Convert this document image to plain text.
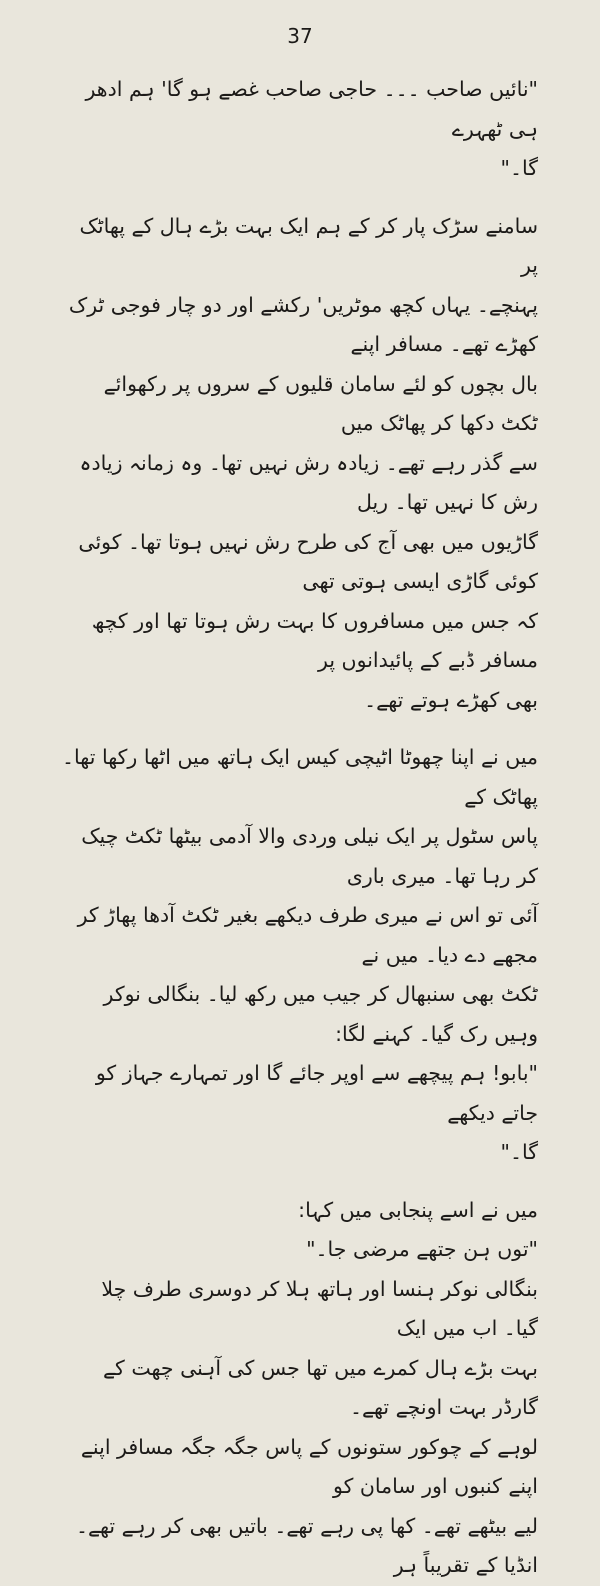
37

"نائیں صاحب ۔۔۔ حاجی صاحب غصے ہو گا' ہم ادھر ہی ٹھہرے

گا۔"

سامنے سڑک پار کر کے ہم ایک بہت بڑے ہال کے پھاٹک پر

پہنچے۔ یہاں کچھ موٹریں' رکشے اور دو چار فوجی ٹرک کھڑے تھے۔ مسافر اپنے

بال بچوں کو لئے سامان قلیوں کے سروں پر رکھوائے ٹکٹ دکھا کر پھاٹک میں

سے گذر رہے تھے۔ زیادہ رش نہیں تھا۔ وہ زمانہ زیادہ رش کا نہیں تھا۔ ریل

گاڑیوں میں بھی آج کی طرح رش نہیں ہوتا تھا۔ کوئی کوئی گاڑی ایسی ہوتی تھی

کہ جس میں مسافروں کا بہت رش ہوتا تھا اور کچھ مسافر ڈبے کے پائیدانوں پر

بھی کھڑے ہوتے تھے۔

میں نے اپنا چھوٹا اٹیچی کیس ایک ہاتھ میں اٹھا رکھا تھا۔ پھاٹک کے

پاس سٹول پر ایک نیلی وردی والا آدمی بیٹھا ٹکٹ چیک کر رہا تھا۔ میری باری

آئی تو اس نے میری طرف دیکھے بغیر ٹکٹ آدھا پھاڑ کر مجھے دے دیا۔ میں نے

ٹکٹ بھی سنبھال کر جیب میں رکھ لیا۔ بنگالی نوکر وہیں رک گیا۔ کہنے لگا:

"بابو! ہم پیچھے سے اوپر جائے گا اور تمہارے جہاز کو جاتے دیکھے

گا۔"

میں نے اسے پنجابی میں کہا:

"توں ہن جتھے مرضی جا۔"

بنگالی نوکر ہنسا اور ہاتھ ہلا کر دوسری طرف چلا گیا۔ اب میں ایک

بہت بڑے ہال کمرے میں تھا جس کی آہنی چھت کے گارڈر بہت اونچے تھے۔

لوہے کے چوکور ستونوں کے پاس جگہ جگہ مسافر اپنے اپنے کنبوں اور سامان کو

لیے بیٹھے تھے۔ کھا پی رہے تھے۔ باتیں بھی کر رہے تھے۔ انڈیا کے تقریباً ہر
